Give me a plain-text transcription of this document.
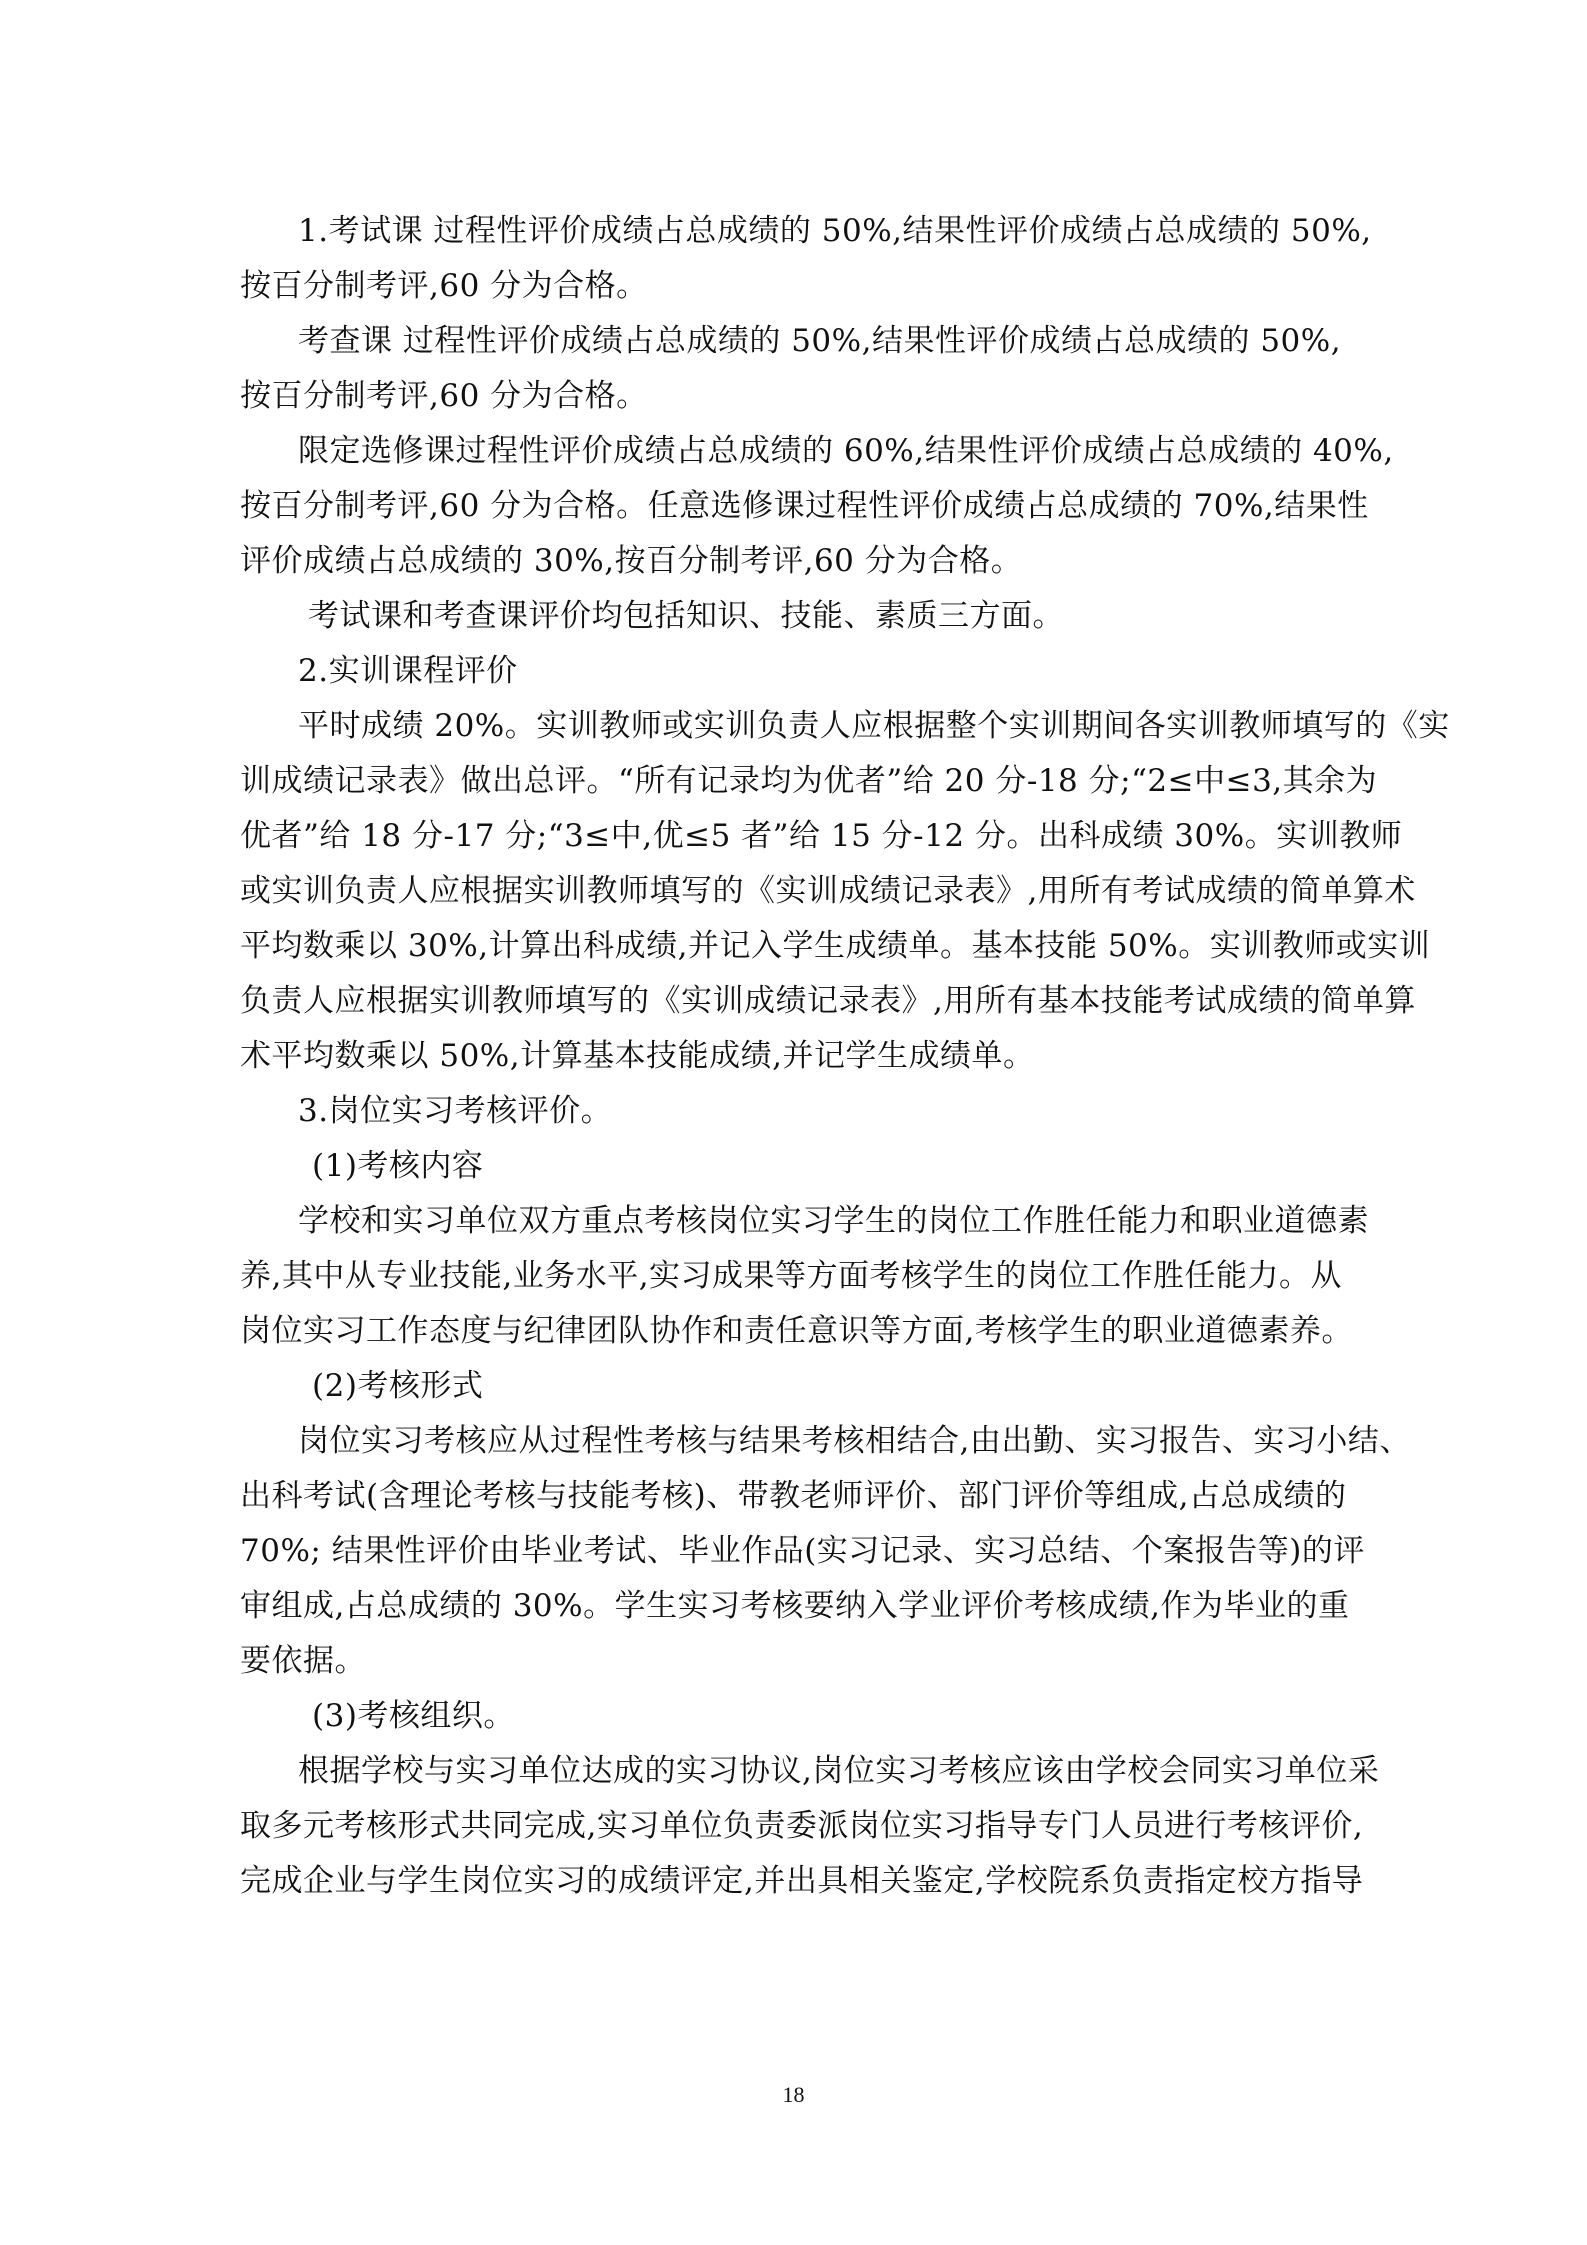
1.考试课 过程性评价成绩占总成绩的 50%,结果性评价成绩占总成绩的 50%,

按百分制考评,60 分为合格。

考查课 过程性评价成绩占总成绩的 50%,结果性评价成绩占总成绩的 50%,

按百分制考评,60 分为合格。

限定选修课过程性评价成绩占总成绩的 60%,结果性评价成绩占总成绩的 40%,

按百分制考评,60 分为合格。任意选修课过程性评价成绩占总成绩的 70%,结果性

评价成绩占总成绩的 30%,按百分制考评,60 分为合格。

考试课和考查课评价均包括知识、技能、素质三方面。

2.实训课程评价

平时成绩 20%。实训教师或实训负责人应根据整个实训期间各实训教师填写的《实

训成绩记录表》做出总评。“所有记录均为优者”给 20 分-18 分;“2≤中≤3,其余为

优者”给 18 分-17 分;“3≤中,优≤5 者”给 15 分-12 分。出科成绩 30%。实训教师

或实训负责人应根据实训教师填写的《实训成绩记录表》,用所有考试成绩的简单算术

平均数乘以 30%,计算出科成绩,并记入学生成绩单。基本技能 50%。实训教师或实训

负责人应根据实训教师填写的《实训成绩记录表》,用所有基本技能考试成绩的简单算

术平均数乘以 50%,计算基本技能成绩,并记学生成绩单。

3.岗位实习考核评价。

(1)考核内容

学校和实习单位双方重点考核岗位实习学生的岗位工作胜任能力和职业道德素

养,其中从专业技能,业务水平,实习成果等方面考核学生的岗位工作胜任能力。从

岗位实习工作态度与纪律团队协作和责任意识等方面,考核学生的职业道德素养。

(2)考核形式

岗位实习考核应从过程性考核与结果考核相结合,由出勤、实习报告、实习小结、

出科考试(含理论考核与技能考核)、带教老师评价、部门评价等组成,占总成绩的

70%; 结果性评价由毕业考试、毕业作品(实习记录、实习总结、个案报告等)的评

审组成,占总成绩的 30%。学生实习考核要纳入学业评价考核成绩,作为毕业的重

要依据。

(3)考核组织。

根据学校与实习单位达成的实习协议,岗位实习考核应该由学校会同实习单位采

取多元考核形式共同完成,实习单位负责委派岗位实习指导专门人员进行考核评价,

完成企业与学生岗位实习的成绩评定,并出具相关鉴定,学校院系负责指定校方指导

18
